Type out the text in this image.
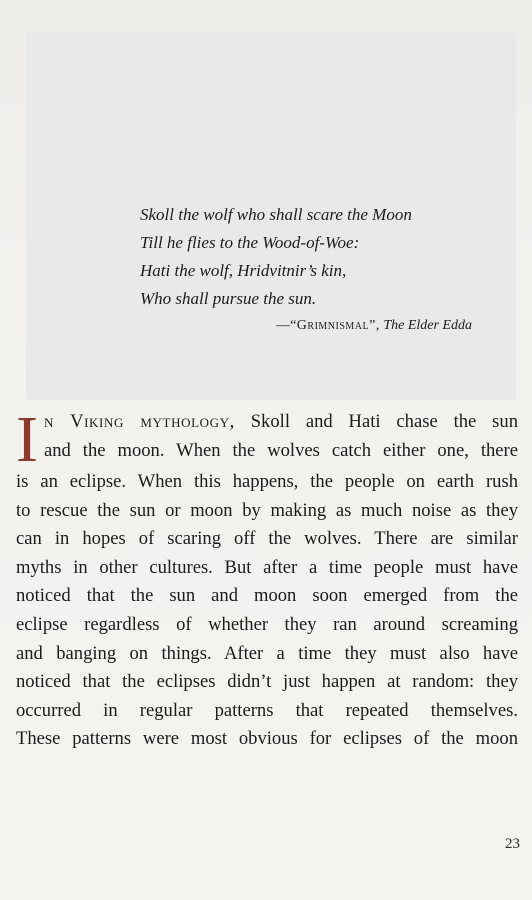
Skoll the wolf who shall scare the Moon
Till he flies to the Wood-of-Woe:
Hati the wolf, Hridvitnir’s kin,
Who shall pursue the sun.
—“Grimnismal”, The Elder Edda
I n Viking mythology, Skoll and Hati chase the sun
and the moon. When the wolves catch either one, there
is an eclipse. When this happens, the people on earth rush
to rescue the sun or moon by making as much noise as they
can in hopes of scaring off the wolves. There are similar
myths in other cultures. But after a time people must have
noticed that the sun and moon soon emerged from the
eclipse regardless of whether they ran around screaming
and banging on things. After a time they must also have
noticed that the eclipses didn’t just happen at random: they
occurred in regular patterns that repeated themselves.
These patterns were most obvious for eclipses of the moon
23
